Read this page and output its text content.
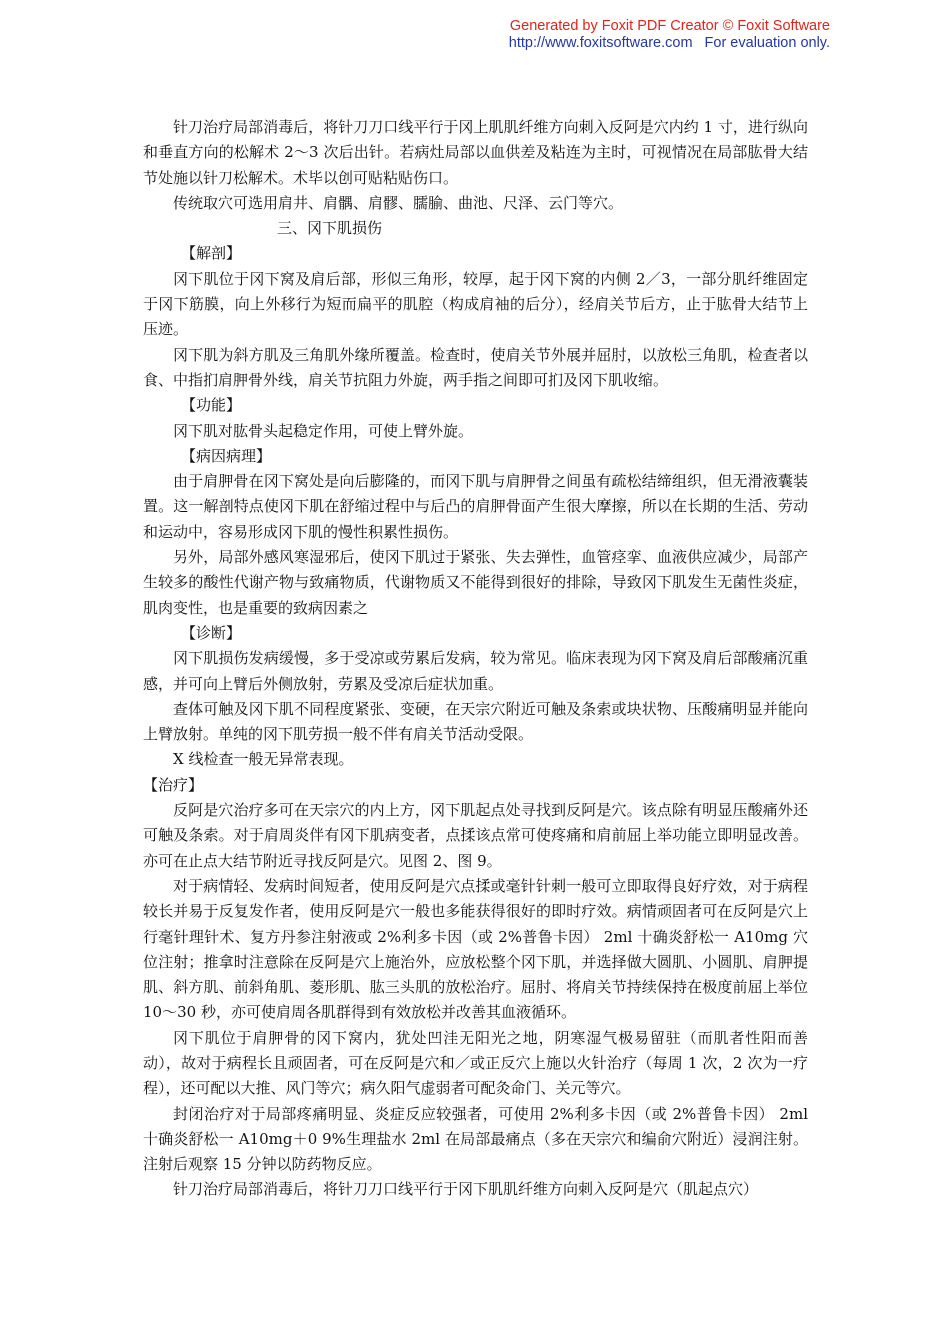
Generated by Foxit PDF Creator © Foxit Software
http://www.foxitsoftware.com For evaluation only.

针刀治疗局部消毒后，将针刀刀口线平行于冈上肌肌纤维方向刺入反阿是穴内约 1 寸，进行纵向和垂直方向的松解术 2～3 次后出针。若病灶局部以血供差及粘连为主时，可视情况在局部肱骨大结节处施以针刀松解术。术毕以创可贴粘贴伤口。

传统取穴可选用肩井、肩髃、肩髎、臑腧、曲池、尺泽、云门等穴。

三、冈下肌损伤

【解剖】

冈下肌位于冈下窝及肩后部，形似三角形，较厚，起于冈下窝的内侧 2／3，一部分肌纤维固定于冈下筋膜，向上外移行为短而扁平的肌腔（构成肩袖的后分），经肩关节后方，止于肱骨大结节上压迹。

冈下肌为斜方肌及三角肌外缘所覆盖。检查时，使肩关节外展并屈肘，以放松三角肌，检查者以食、中指扪肩胛骨外线，肩关节抗阻力外旋，两手指之间即可扪及冈下肌收缩。

【功能】

冈下肌对肱骨头起稳定作用，可使上臂外旋。

【病因病理】

由于肩胛骨在冈下窝处是向后膨隆的，而冈下肌与肩胛骨之间虽有疏松结缔组织，但无滑液囊装置。这一解剖特点使冈下肌在舒缩过程中与后凸的肩胛骨面产生很大摩擦，所以在长期的生活、劳动和运动中，容易形成冈下肌的慢性积累性损伤。

另外，局部外感风寒湿邪后，使冈下肌过于紧张、失去弹性，血管痉挛、血液供应减少，局部产生较多的酸性代谢产物与致痛物质，代谢物质又不能得到很好的排除，导致冈下肌发生无菌性炎症，肌肉变性，也是重要的致病因素之

【诊断】

冈下肌损伤发病缓慢，多于受凉或劳累后发病，较为常见。临床表现为冈下窝及肩后部酸痛沉重感，并可向上臂后外侧放射，劳累及受凉后症状加重。

查体可触及冈下肌不同程度紧张、变硬，在天宗穴附近可触及条索或块状物、压酸痛明显并能向上臂放射。单纯的冈下肌劳损一般不伴有肩关节活动受限。

X 线检查一般无异常表现。

【治疗】

反阿是穴治疗多可在天宗穴的内上方，冈下肌起点处寻找到反阿是穴。该点除有明显压酸痛外还可触及条索。对于肩周炎伴有冈下肌病变者，点揉该点常可使疼痛和肩前屈上举功能立即明显改善。亦可在止点大结节附近寻找反阿是穴。见图 2、图 9。

对于病情轻、发病时间短者，使用反阿是穴点揉或毫针针刺一般可立即取得良好疗效，对于病程较长并易于反复发作者，使用反阿是穴一般也多能获得很好的即时疗效。病情顽固者可在反阿是穴上行毫针理针术、复方丹参注射液或 2%利多卡因（或 2%普鲁卡因） 2ml 十确炎舒松一 A10mg 穴位注射；推拿时注意除在反阿是穴上施治外，应放松整个冈下肌，并选择做大圆肌、小圆肌、肩胛提肌、斜方肌、前斜角肌、菱形肌、肱三头肌的放松治疗。屈肘、将肩关节持续保持在极度前屈上举位 10～30 秒，亦可使肩周各肌群得到有效放松并改善其血液循环。

冈下肌位于肩胛骨的冈下窝内，犹处凹洼无阳光之地，阴寒湿气极易留驻（而肌者性阳而善动），故对于病程长且顽固者，可在反阿是穴和／或正反穴上施以火针治疗（每周 1 次，2 次为一疗程），还可配以大推、风门等穴；病久阳气虚弱者可配灸命门、关元等穴。

封闭治疗对于局部疼痛明显、炎症反应较强者，可使用 2%利多卡因（或 2%普鲁卡因） 2ml 十确炎舒松一 A10mg＋0 9%生理盐水 2ml 在局部最痛点（多在天宗穴和编俞穴附近）浸润注射。注射后观察 15 分钟以防药物反应。

针刀治疗局部消毒后，将针刀刀口线平行于冈下肌肌纤维方向刺入反阿是穴（肌起点穴）
